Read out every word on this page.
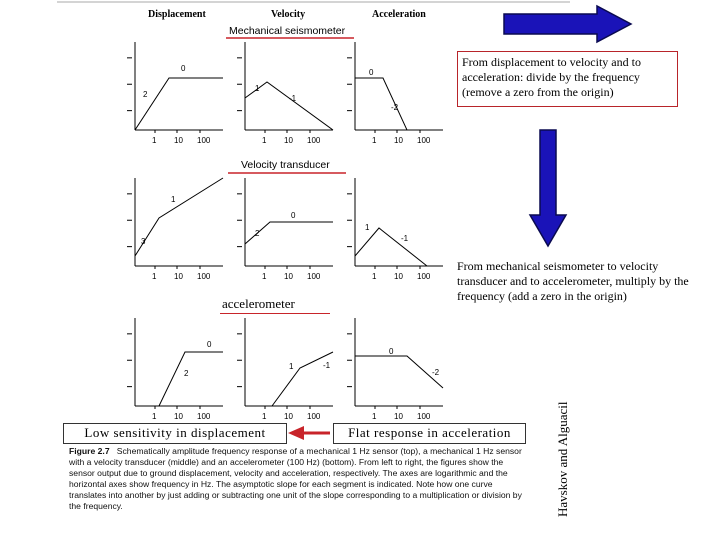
Displacement	Velocity	Acceleration
Mechanical seismometer
Velocity transducer
1 10 100
2
0
1 10 100
1
-1
1 10 100
0
-2
1 10 100
3
1
1 10 100
2
0
1 10 100
1
-1
1 10 100
2
0
1 10 100
1	-1
1 10 100
0
-2
From displacement to velocity and to acceleration: divide by the frequency (remove a zero from the origin)
From mechanical seismometer to velocity transducer and to accelerometer, multiply by the frequency (add a zero in the origin)
accelerometer
Low sensitivity in displacement	Flat response in acceleration
Figure 2.7 Schematically amplitude frequency response of a mechanical 1 Hz sensor (top), a mechanical 1 Hz sensor with a velocity transducer (middle) and an accelerometer (100 Hz) (bottom). From left to right, the figures show the sensor output due to ground displacement, velocity and acceleration, respectively. The axes are logarithmic and the horizontal axes show frequency in Hz. The asymptotic slope for each segment is indicated. Note how one curve translates into another by just adding or subtracting one unit of the slope corresponding to a multiplication or division by the frequency.	Havskov and Alguacil
